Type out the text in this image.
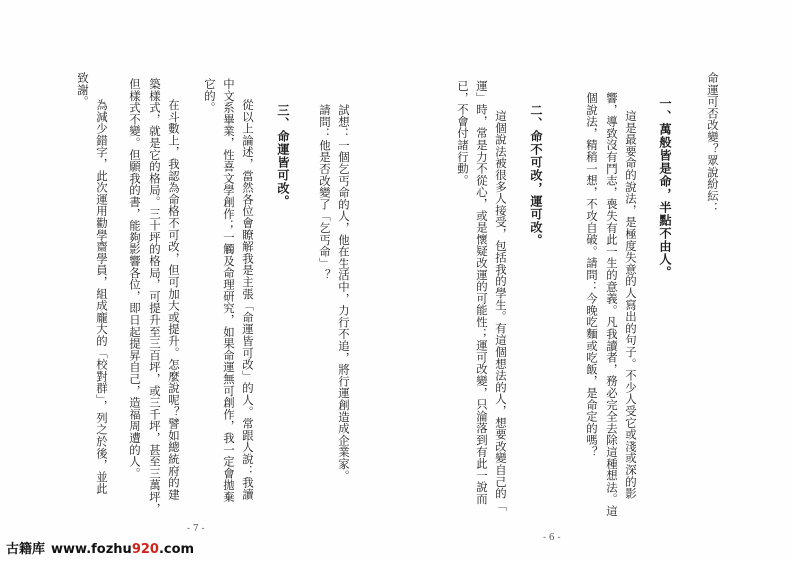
命運可否改變？眾說紛紜：
一、萬般皆是命，半點不由人。
這是最要命的說法，是極度失意的人寫出的句子。不少人受它或淺或深的影
響，導致沒有鬥志，喪失有此一生的意義。凡我讀者，務必完全去除這種想法。這
個說法，精稍一想，不攻自破。請問：今晚吃麵或吃飯，是命定的嗎？
二、命不可改，運可改。
這個說法被很多人接受，包括我的學生。有這個想法的人，想要改變自己的「
運」時，常是力不從心，或是懷疑改運的可能性；運可改變，只淪落到有此一說而
已，不會付諸行動。
- 6 -
試想：一個乞丐命的人，他在生活中，力行不追，將行運創造成企業家。
請問：他是否改變了「乞丐命」？
三、命運皆可改。
從以上論述，當然各位會瞭解我是主張「命運皆可改」的人。常跟人說：我讀
中文系畢業，性喜文學創作；一觸及命理研究，如果命運無可創作，我一定會拋棄
它的。
在斗數上，我認為命格不可改，但可加大或提升。怎麼說呢？譬如總統府的建
築樣式，就是它的格局。三十坪的格局，可提升至三百坪，或三千坪，甚至三萬坪，
但樣式不變。但願我的書，能夠影響各位，即日起提昇自己，造福周遭的人。
為減少錯字，此次運用勸學齋學員，組成龐大的「校對群」，列之於後，並此
致謝。
- 7 -
古籍库 www.fozhu920.com
